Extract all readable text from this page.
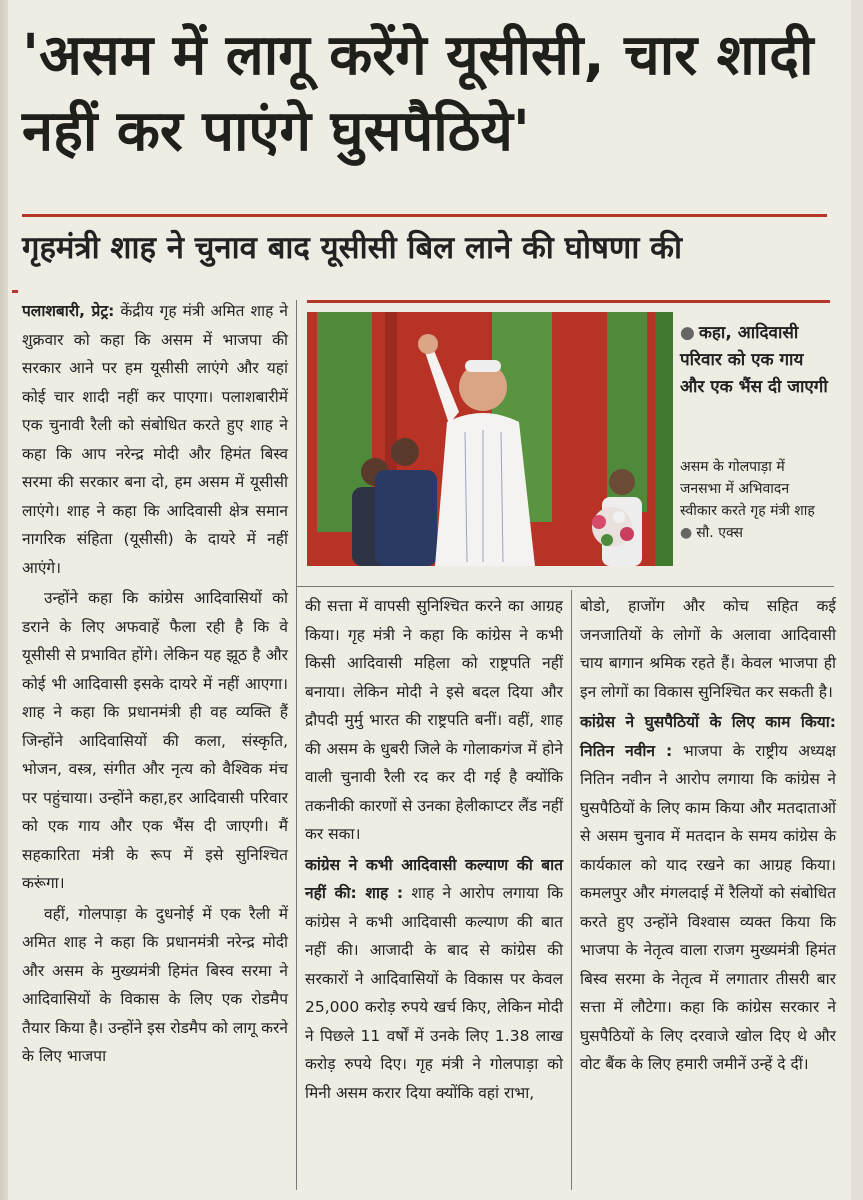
'असम में लागू करेंगे यूसीसी, चार शादी नहीं कर पाएंगे घुसपैठिये'
गृहमंत्री शाह ने चुनाव बाद यूसीसी बिल लाने की घोषणा की
● कहा, आदिवासी परिवार को एक गाय और एक भैंस दी जाएगी
असम के गोलपाड़ा में जनसभा में अभिवादन स्वीकार करते गृह मंत्री शाह ● सौ. एक्स

पलाशबारी, प्रेट्र: केंद्रीय गृह मंत्री अमित शाह ने शुक्रवार को कहा कि असम में भाजपा की सरकार आने पर हम यूसीसी लाएंगे और यहां कोई चार शादी नहीं कर पाएगा। पलाशबारीमें एक चुनावी रैली को संबोधित करते हुए शाह ने कहा कि आप नरेन्द्र मोदी और हिमंत बिस्व सरमा की सरकार बना दो, हम असम में यूसीसी लाएंगे। शाह ने कहा कि आदिवासी क्षेत्र समान नागरिक संहिता (यूसीसी) के दायरे में नहीं आएंगे।

उन्होंने कहा कि कांग्रेस आदिवासियों को डराने के लिए अफवाहें फैला रही है कि वे यूसीसी से प्रभावित होंगे। लेकिन यह झूठ है और कोई भी आदिवासी इसके दायरे में नहीं आएगा। शाह ने कहा कि प्रधानमंत्री ही वह व्यक्ति हैं जिन्होंने आदिवासियों की कला, संस्कृति, भोजन, वस्त्र, संगीत और नृत्य को वैश्विक मंच पर पहुंचाया। उन्होंने कहा,हर आदिवासी परिवार को एक गाय और एक भैंस दी जाएगी। मैं सहकारिता मंत्री के रूप में इसे सुनिश्चित करूंगा।

वहीं, गोलपाड़ा के दुधनोई में एक रैली में अमित शाह ने कहा कि प्रधानमंत्री नरेन्द्र मोदी और असम के मुख्यमंत्री हिमंत बिस्व सरमा ने आदिवासियों के विकास के लिए एक रोडमैप तैयार किया है। उन्होंने इस रोडमैप को लागू करने के लिए भाजपा

की सत्ता में वापसी सुनिश्चित करने का आग्रह किया। गृह मंत्री ने कहा कि कांग्रेस ने कभी किसी आदिवासी महिला को राष्ट्रपति नहीं बनाया। लेकिन मोदी ने इसे बदल दिया और द्रौपदी मुर्मु भारत की राष्ट्रपति बनीं। वहीं, शाह की असम के धुबरी जिले के गोलाकगंज में होने वाली चुनावी रैली रद कर दी गई है क्योंकि तकनीकी कारणों से उनका हेलीकाप्टर लैंड नहीं कर सका।

कांग्रेस ने कभी आदिवासी कल्याण की बात नहीं की: शाह : शाह ने आरोप लगाया कि कांग्रेस ने कभी आदिवासी कल्याण की बात नहीं की। आजादी के बाद से कांग्रेस की सरकारों ने आदिवासियों के विकास पर केवल 25,000 करोड़ रुपये खर्च किए, लेकिन मोदी ने पिछले 11 वर्षों में उनके लिए 1.38 लाख करोड़ रुपये दिए। गृह मंत्री ने गोलपाड़ा को मिनी असम करार दिया क्योंकि वहां राभा,

बोडो, हाजोंग और कोच सहित कई जनजातियों के लोगों के अलावा आदिवासी चाय बागान श्रमिक रहते हैं। केवल भाजपा ही इन लोगों का विकास सुनिश्चित कर सकती है।

कांग्रेस ने घुसपैठियों के लिए काम किया: नितिन नवीन : भाजपा के राष्ट्रीय अध्यक्ष नितिन नवीन ने आरोप लगाया कि कांग्रेस ने घुसपैठियों के लिए काम किया और मतदाताओं से असम चुनाव में मतदान के समय कांग्रेस के कार्यकाल को याद रखने का आग्रह किया। कमलपुर और मंगलदाई में रैलियों को संबोधित करते हुए उन्होंने विश्वास व्यक्त किया कि भाजपा के नेतृत्व वाला राजग मुख्यमंत्री हिमंत बिस्व सरमा के नेतृत्व में लगातार तीसरी बार सत्ता में लौटेगा। कहा कि कांग्रेस सरकार ने घुसपैठियों के लिए दरवाजे खोल दिए थे और वोट बैंक के लिए हमारी जमीनें उन्हें दे दीं।
